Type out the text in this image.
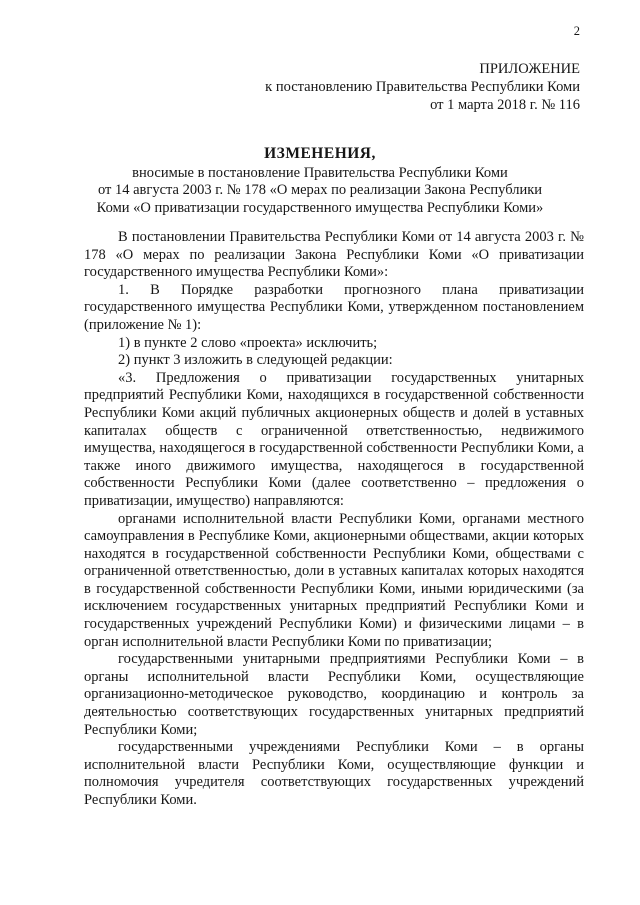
2
ПРИЛОЖЕНИЕ
к постановлению Правительства Республики Коми
от 1 марта 2018 г. № 116
ИЗМЕНЕНИЯ,
вносимые в постановление Правительства Республики Коми
от 14 августа 2003 г. № 178 «О мерах по реализации Закона Республики
Коми «О приватизации государственного имущества Республики Коми»

В постановлении Правительства Республики Коми от 14 августа 2003 г. № 178 «О мерах по реализации Закона Республики Коми «О приватизации государственного имущества Республики Коми»:

1. В Порядке разработки прогнозного плана приватизации государственного имущества Республики Коми, утвержденном постановлением (приложение № 1):

1) в пункте 2 слово «проекта» исключить;

2) пункт 3 изложить в следующей редакции:

«3. Предложения о приватизации государственных унитарных предприятий Республики Коми, находящихся в государственной собственности Республики Коми акций публичных акционерных обществ и долей в уставных капиталах обществ с ограниченной ответственностью, недвижимого имущества, находящегося в государственной собственности Республики Коми, а также иного движимого имущества, находящегося в государственной собственности Республики Коми (далее соответственно – предложения о приватизации, имущество) направляются:

органами исполнительной власти Республики Коми, органами местного самоуправления в Республике Коми, акционерными обществами, акции которых находятся в государственной собственности Республики Коми, обществами с ограниченной ответственностью, доли в уставных капиталах которых находятся в государственной собственности Республики Коми, иными юридическими (за исключением государственных унитарных предприятий Республики Коми и государственных учреждений Республики Коми) и физическими лицами – в орган исполнительной власти Республики Коми по приватизации;

государственными унитарными предприятиями Республики Коми – в органы исполнительной власти Республики Коми, осуществляющие организационно-методическое руководство, координацию и контроль за деятельностью соответствующих государственных унитарных предприятий Республики Коми;

государственными учреждениями Республики Коми – в органы исполнительной власти Республики Коми, осуществляющие функции и полномочия учредителя соответствующих государственных учреждений Республики Коми.
